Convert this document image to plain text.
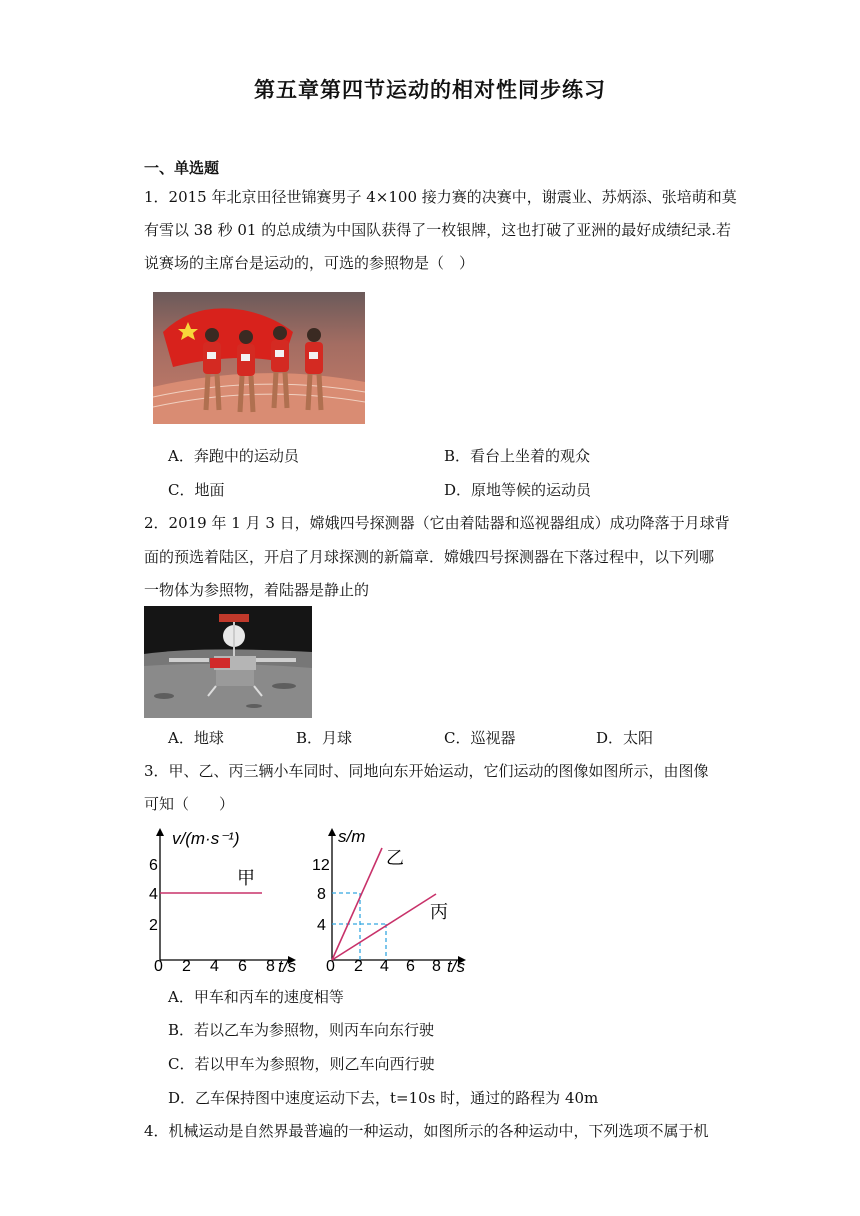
第五章第四节运动的相对性同步练习
一、单选题
1．2015 年北京田径世锦赛男子 4×100 接力赛的决赛中，谢震业、苏炳添、张培萌和莫
有雪以 38 秒 01 的总成绩为中国队获得了一枚银牌，这也打破了亚洲的最好成绩纪录.若
说赛场的主席台是运动的，可选的参照物是（　）
A．奔跑中的运动员	B．看台上坐着的观众
C．地面	D．原地等候的运动员
2．2019 年 1 月 3 日，嫦娥四号探测器（它由着陆器和巡视器组成）成功降落于月球背
面的预选着陆区，开启了月球探测的新篇章．嫦娥四号探测器在下落过程中，以下列哪
一物体为参照物，着陆器是静止的
A．地球	B．月球	C．巡视器	D．太阳
3．甲、乙、丙三辆小车同时、同地向东开始运动，它们运动的图像如图所示，由图像
可知（　　）
v/(m·s⁻¹)
t/s
6
4
2
甲
0 2 4 6 8
s/m
t/s
12
8
4
乙
丙
0 2 4 6 8
A．甲车和丙车的速度相等
B．若以乙车为参照物，则丙车向东行驶
C．若以甲车为参照物，则乙车向西行驶
D．乙车保持图中速度运动下去，t=10s 时，通过的路程为 40m
4．机械运动是自然界最普遍的一种运动，如图所示的各种运动中，下列选项不属于机
